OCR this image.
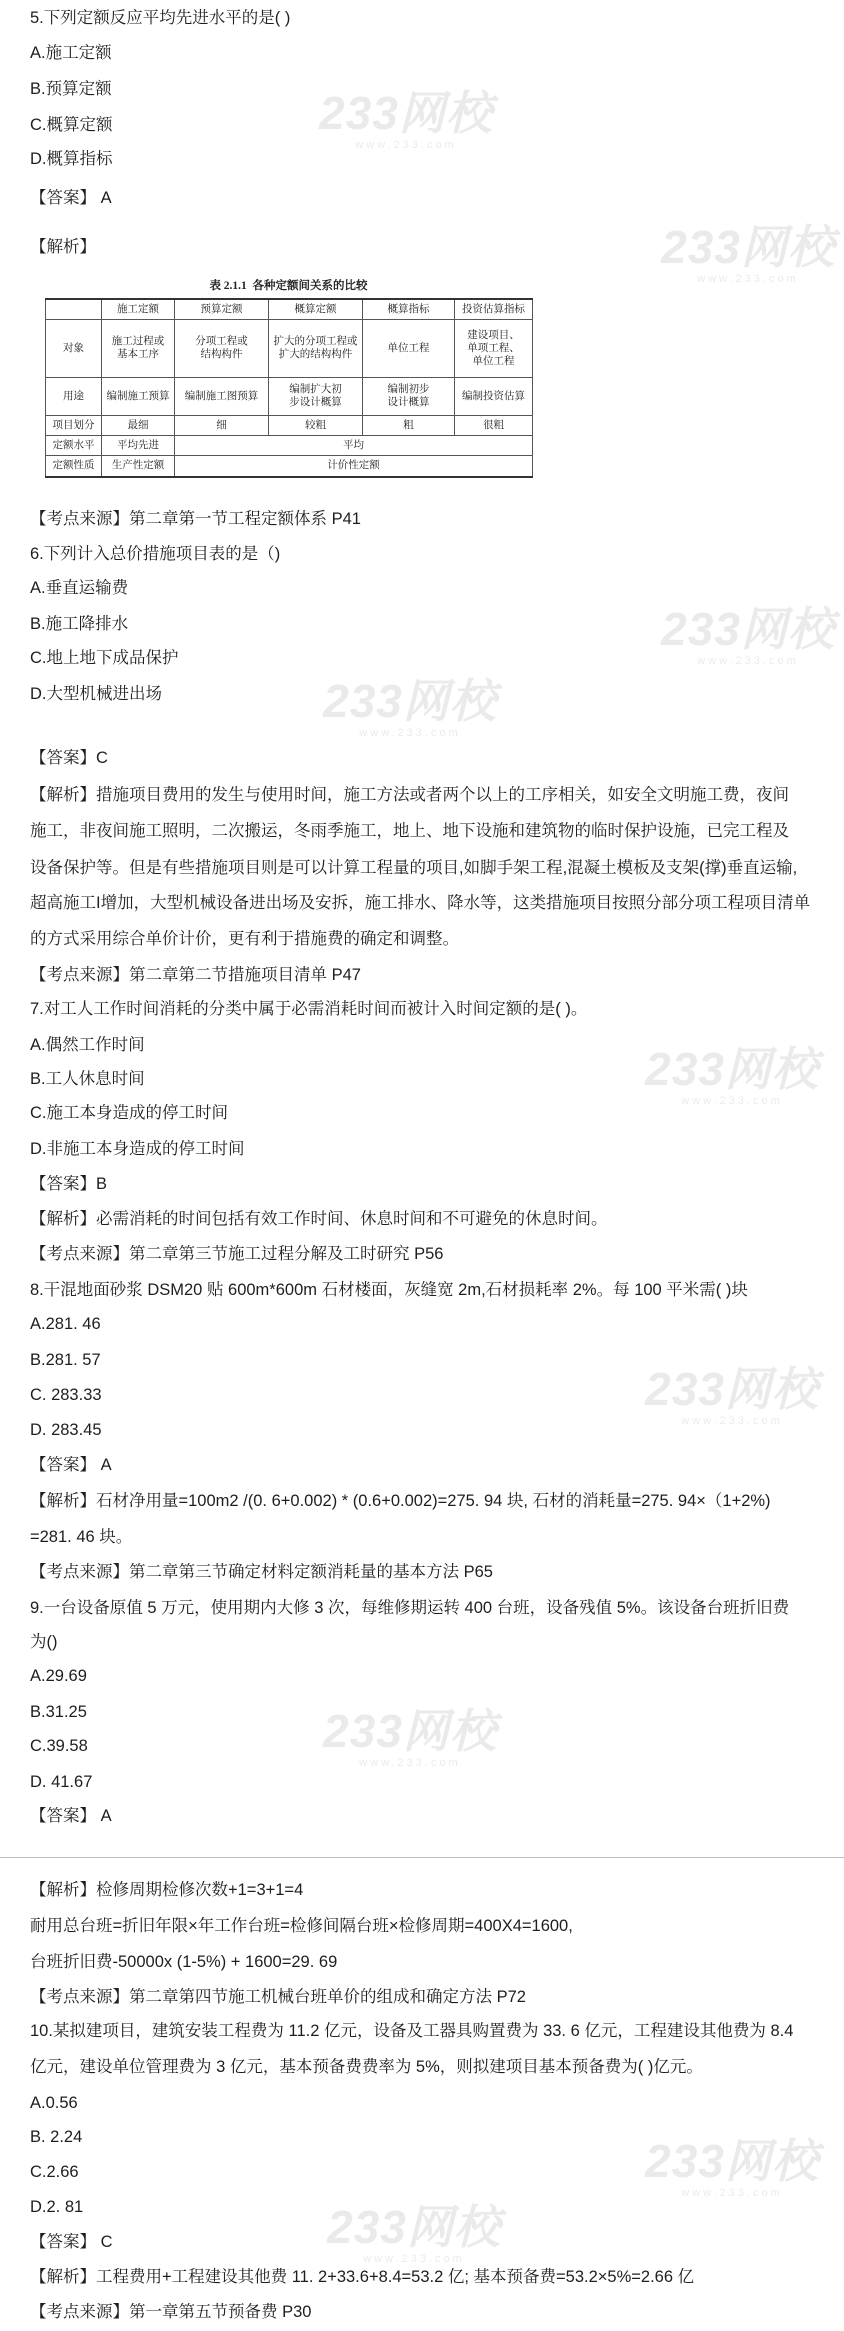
233网校
www.233.com
233网校
www.233.com
233网校
www.233.com
233网校
www.233.com
233网校
www.233.com
233网校
www.233.com
233网校
www.233.com
233网校
www.233.com
233网校
www.233.com
5.下列定额反应平均先进水平的是( )
A.施工定额
B.预算定额
C.概算定额
D.概算指标
【答案】 A
【解析】
表 2.1.1  各种定额间关系的比较
	施工定额	预算定额	概算定额	概算指标	投资估算指标
对象	施工过程或基本工序	分项工程或结构构件	扩大的分项工程或扩大的结构构件	单位工程	建设项目、单项工程、单位工程
用途	编制施工预算	编制施工图预算	编制扩大初步设计概算	编制初步设计概算	编制投资估算
项目划分	最细	细	较粗	粗	很粗
定额水平	平均先进	平均			
定额性质	生产性定额	计价性定额			
【考点来源】第二章第一节工程定额体系 P41
6.下列计入总价措施项目表的是（)
A.垂直运输费
B.施工降排水
C.地上地下成品保护
D.大型机械进出场
【答案】C
【解析】措施项目费用的发生与使用时间，施工方法或者两个以上的工序相关，如安全文明施工费，夜间
施工，非夜间施工照明，二次搬运，冬雨季施工，地上、地下设施和建筑物的临时保护设施，已完工程及
设备保护等。但是有些措施项目则是可以计算工程量的项目,如脚手架工程,混凝土模板及支架(撑)垂直运输,
超高施工I增加，大型机械设备进出场及安拆，施工排水、降水等，这类措施项目按照分部分项工程项目清单
的方式采用综合单价计价，更有利于措施费的确定和调整。
【考点来源】第二章第二节措施项目清单 P47
7.对工人工作时间消耗的分类中属于必需消耗时间而被计入时间定额的是( )。
A.偶然工作时间
B.工人休息时间
C.施工本身造成的停工时间
D.非施工本身造成的停工时间
【答案】B
【解析】必需消耗的时间包括有效工作时间、休息时间和不可避免的休息时间。
【考点来源】第二章第三节施工过程分解及工时研究 P56
8.干混地面砂浆 DSM20 贴 600m*600m 石材楼面，灰缝宽 2m,石材损耗率 2%。每 100 平米需( )块
A.281. 46
B.281. 57
C. 283.33
D. 283.45
【答案】 A
【解析】石材净用量=100m2 /(0. 6+0.002) * (0.6+0.002)=275. 94 块, 石材的消耗量=275. 94×（1+2%)
=281. 46 块。
【考点来源】第二章第三节确定材料定额消耗量的基本方法 P65
9.一台设备原值 5 万元，使用期内大修 3 次，每维修期运转 400 台班，设备残值 5%。该设备台班折旧费
为()
A.29.69
B.31.25
C.39.58
D. 41.67
【答案】 A
【解析】检修周期检修次数+1=3+1=4
耐用总台班=折旧年限×年工作台班=检修间隔台班×检修周期=400X4=1600,
台班折旧费-50000x (1-5%) + 1600=29. 69
【考点来源】第二章第四节施工机械台班单价的组成和确定方法 P72
10.某拟建项目，建筑安装工程费为 11.2 亿元，设备及工器具购置费为 33. 6 亿元，工程建设其他费为 8.4
亿元，建设单位管理费为 3 亿元，基本预备费费率为 5%，则拟建项目基本预备费为( )亿元。
A.0.56
B. 2.24
C.2.66
D.2. 81
【答案】 C
【解析】工程费用+工程建设其他费 11. 2+33.6+8.4=53.2 亿; 基本预备费=53.2×5%=2.66 亿
【考点来源】第一章第五节预备费 P30
